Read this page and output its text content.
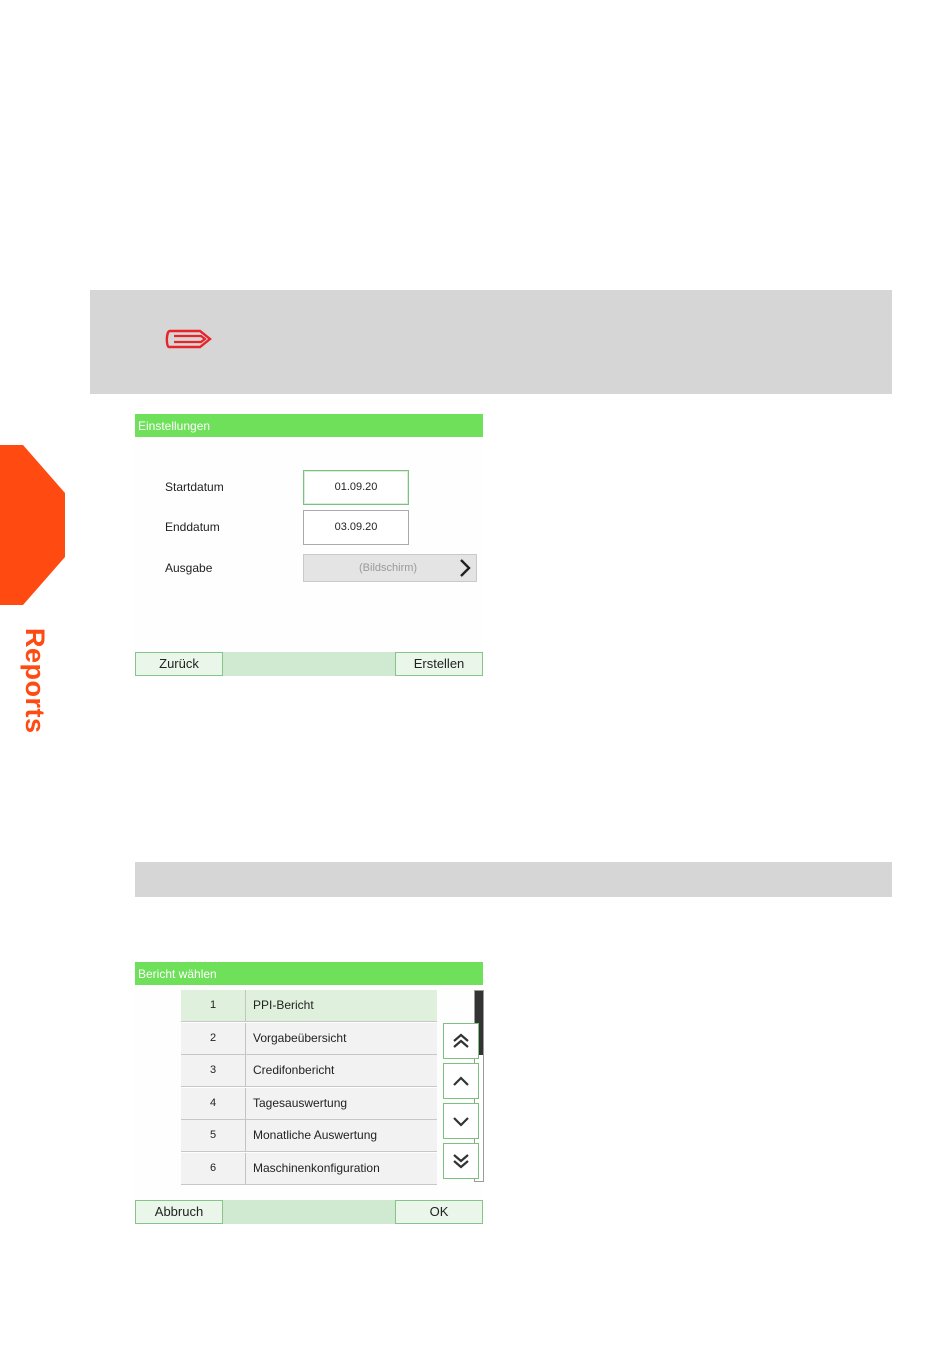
Reports
Einstellungen
Startdatum	01.09.20
Enddatum	03.09.20
Ausgabe	(Bildschirm)
Zurück	Erstellen
Bericht wählen
1	PPI-Bericht
2	Vorgabeübersicht
3	Credifonbericht
4	Tagesauswertung
5	Monatliche Auswertung
6	Maschinenkonfiguration
Abbruch	OK
